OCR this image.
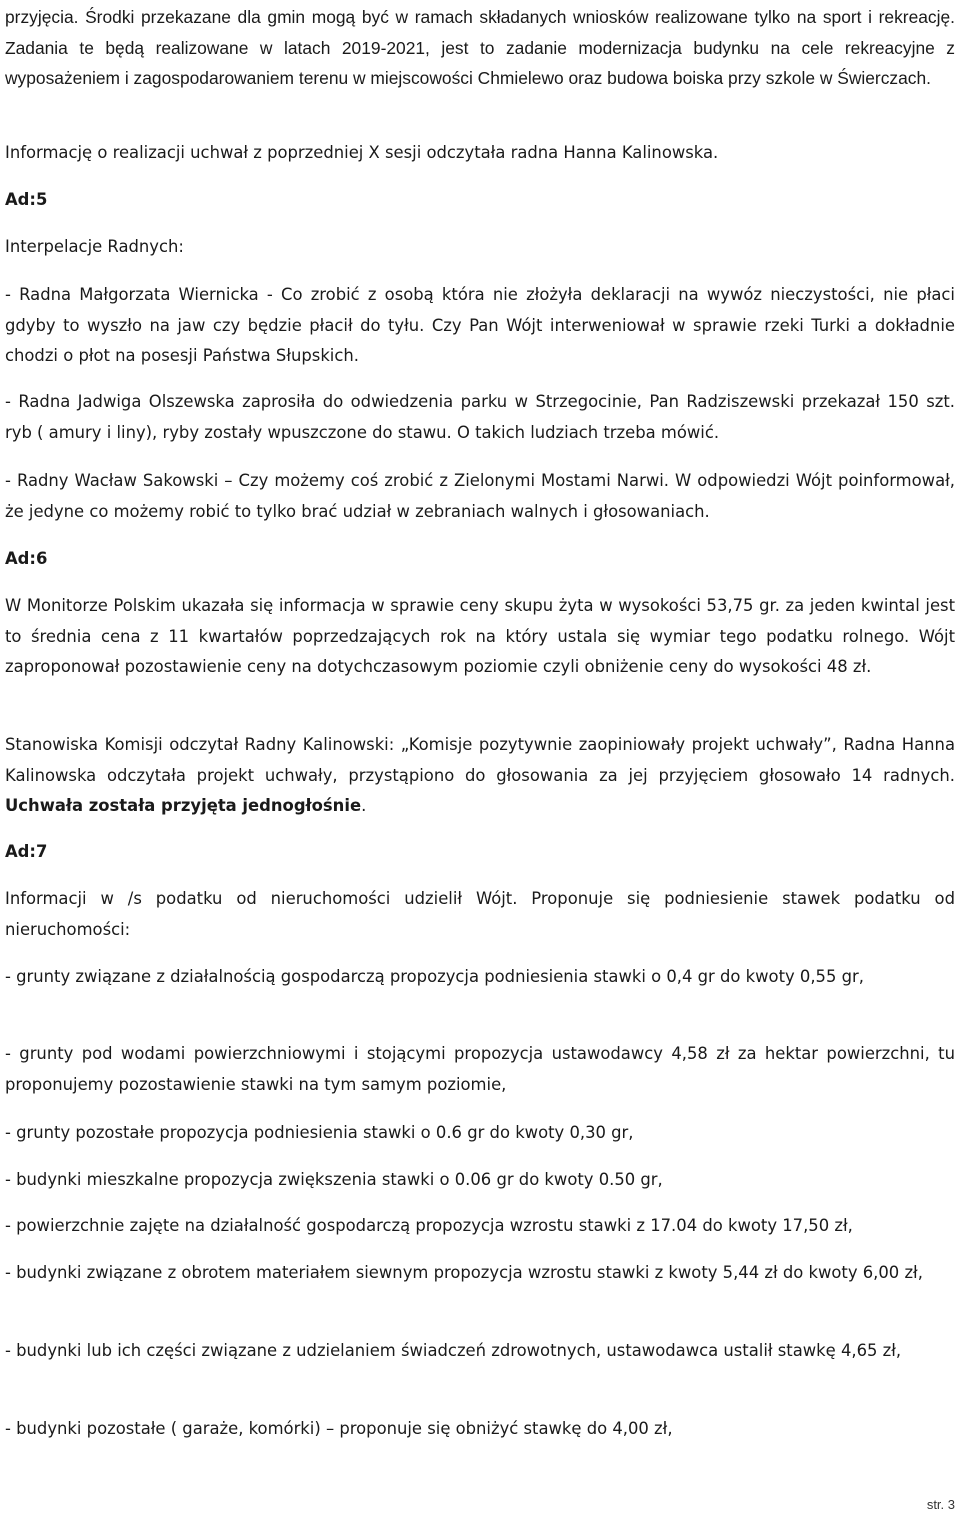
przyjęcia. Środki przekazane dla gmin mogą być w ramach składanych wniosków realizowane tylko na sport i rekreację. Zadania te będą realizowane w latach 2019-2021, jest to zadanie modernizacja budynku na cele rekreacyjne z wyposażeniem i zagospodarowaniem terenu w miejscowości Chmielewo oraz budowa boiska przy szkole w Świerczach.

Informację o realizacji uchwał z poprzedniej X sesji odczytała radna Hanna Kalinowska.

Ad:5

Interpelacje Radnych:

- Radna Małgorzata Wiernicka - Co zrobić z osobą która nie złożyła deklaracji na wywóz nieczystości, nie płaci gdyby to wyszło na jaw czy będzie płacił do tyłu. Czy Pan Wójt interweniował w sprawie rzeki Turki a dokładnie chodzi o płot na posesji Państwa Słupskich.

- Radna Jadwiga Olszewska zaprosiła do odwiedzenia parku w Strzegocinie, Pan Radziszewski przekazał 150 szt. ryb ( amury i liny), ryby zostały wpuszczone do stawu. O takich ludziach trzeba mówić.

- Radny Wacław Sakowski – Czy możemy coś zrobić z Zielonymi Mostami Narwi. W odpowiedzi Wójt poinformował, że jedyne co możemy robić to tylko brać udział w zebraniach walnych i głosowaniach.

Ad:6

W Monitorze Polskim ukazała się informacja w sprawie ceny skupu żyta w wysokości 53,75 gr. za jeden kwintal jest to średnia cena z 11 kwartałów poprzedzających rok na który ustala się wymiar tego podatku rolnego. Wójt zaproponował pozostawienie ceny na dotychczasowym poziomie czyli obniżenie ceny do wysokości 48 zł.

Stanowiska Komisji odczytał Radny Kalinowski: „Komisje pozytywnie zaopiniowały projekt uchwały”, Radna Hanna Kalinowska odczytała projekt uchwały, przystąpiono do głosowania za jej przyjęciem głosowało 14 radnych. Uchwała została przyjęta jednogłośnie.

Ad:7

Informacji w /s podatku od nieruchomości udzielił Wójt. Proponuje się podniesienie stawek podatku od nieruchomości:

- grunty związane z działalnością gospodarczą propozycja podniesienia stawki o 0,4 gr do kwoty 0,55 gr,

- grunty pod wodami powierzchniowymi i stojącymi propozycja ustawodawcy 4,58 zł za hektar powierzchni, tu proponujemy pozostawienie stawki na tym samym poziomie,

- grunty pozostałe propozycja podniesienia stawki o 0.6 gr do kwoty 0,30 gr,

- budynki mieszkalne propozycja zwiększenia stawki o 0.06 gr do kwoty 0.50 gr,

- powierzchnie zajęte na działalność gospodarczą propozycja wzrostu stawki z 17.04 do kwoty 17,50 zł,

- budynki związane z obrotem materiałem siewnym propozycja wzrostu stawki z kwoty 5,44 zł do kwoty 6,00 zł,

- budynki lub ich części związane z udzielaniem świadczeń zdrowotnych, ustawodawca ustalił stawkę 4,65 zł,

- budynki pozostałe ( garaże, komórki) – proponuje się obniżyć stawkę do 4,00 zł,

str. 3
